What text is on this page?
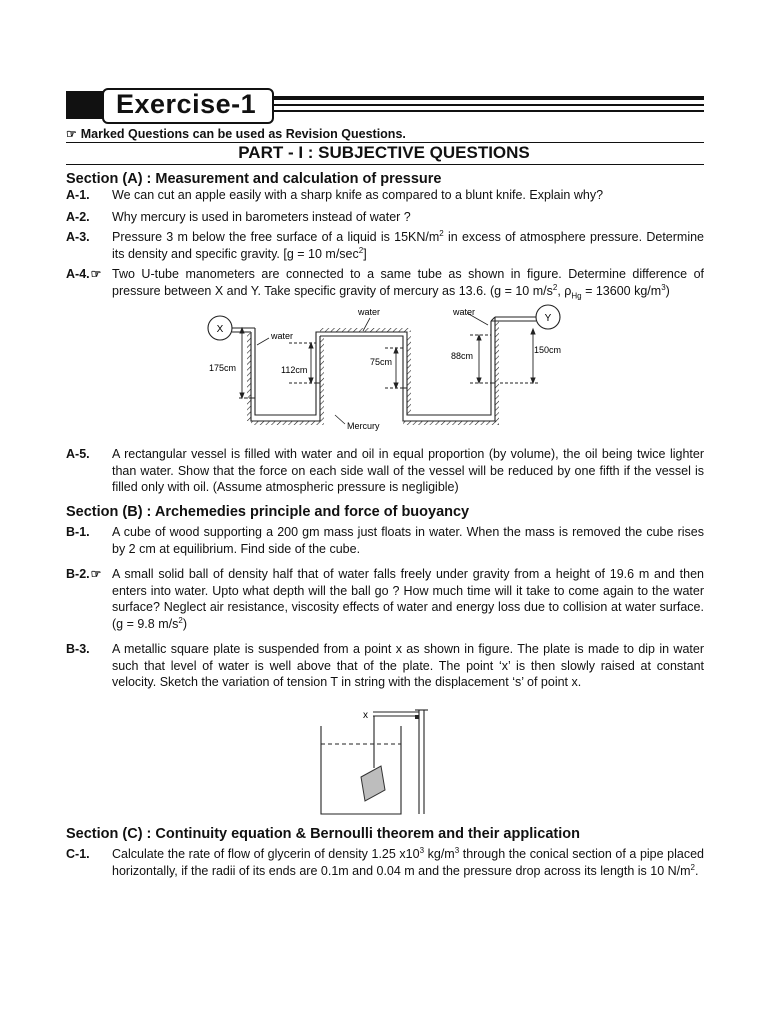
Exercise-1
☞ Marked Questions can be used as Revision Questions.
PART - I : SUBJECTIVE QUESTIONS
Section (A) : Measurement and calculation of pressure
A-1. We can cut an apple easily with a sharp knife as compared to a blunt knife. Explain why?
A-2. Why mercury is used in barometers instead of water ?
A-3. Pressure 3 m below the free surface of a liquid is $15KN/m^2$ in excess of atmosphere pressure. Determine its density and specific gravity. [g = 10 $m/\sec^2$]
A-4.☞ Two U-tube manometers are connected to a same tube as shown in figure. Determine difference of pressure between X and Y. Take specific gravity of mercury as 13.6. (g = 10 $m/s^2$, $\rho_{Hg} = 13600$ $kg/m^3$)
X
Y
water
water	water
Mercury
175cm	112cm
75cm
88cm
150cm
A-5. A rectangular vessel is filled with water and oil in equal proportion (by volume), the oil being twice lighter than water. Show that the force on each side wall of the vessel will be reduced by one fifth if the vessel is filled only with oil. (Assume atmospheric pressure is negligible)
Section (B) : Archemedies principle and force of buoyancy
B-1. A cube of wood supporting a 200 gm mass just floats in water. When the mass is removed the cube rises by 2 cm at equilibrium. Find side of the cube.
B-2.☞ A small solid ball of density half that of water falls freely under gravity from a height of 19.6 m and then enters into water. Upto what depth will the ball go ? How much time will it take to come again to the water surface? Neglect air resistance, viscosity effects of water and energy loss due to collision at water surface. (g = 9.8 $m/s^2$)
B-3. A metallic square plate is suspended from a point x as shown in figure. The plate is made to dip in water such that level of water is well above that of the plate. The point ‘x’ is then slowly raised at constant velocity. Sketch the variation of tension T in string with the displacement ‘s’ of point x.
x
Section (C) : Continuity equation & Bernoulli theorem and their application
C-1. Calculate the rate of flow of glycerin of density 1.25 $x10^3$ $kg/m^3$ through the conical section of a pipe placed horizontally, if the radii of its ends are 0.1m and 0.04 m and the pressure drop across its length is 10 $N/m^2$.
